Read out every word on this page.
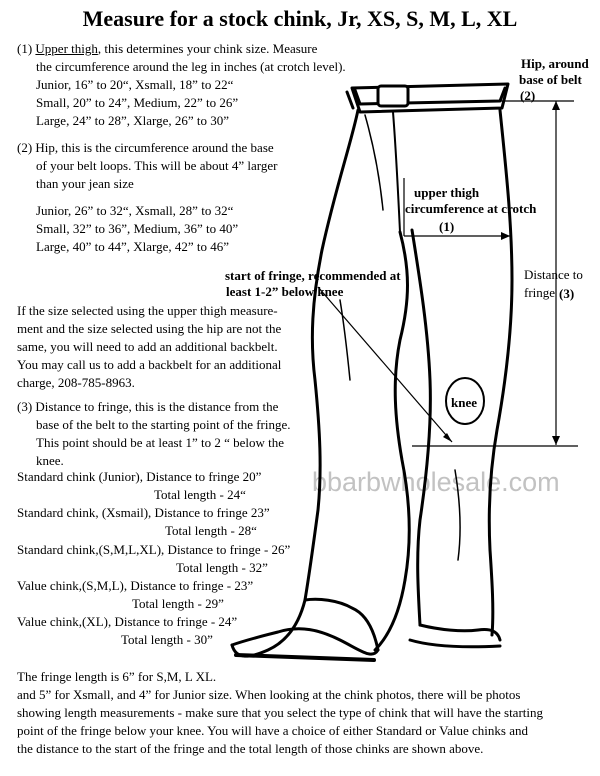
Measure for a stock chink, Jr, XS, S, M, L, XL
(1) Upper thigh, this determines your chink size. Measure
the circumference around the leg in inches (at crotch level).
Junior, 16” to 20“, Xsmall, 18” to 22“
Small, 20” to 24”, Medium, 22” to 26”
Large, 24” to 28”, Xlarge, 26” to 30”
(2) Hip, this is the circumference around the base
of your belt loops. This will be about 4” larger
than your jean size
Junior, 26” to 32“, Xsmall, 28” to 32“
Small, 32” to 36”, Medium, 36” to 40”
Large, 40” to 44”, Xlarge, 42” to 46”
If the size selected using the upper thigh measure-
ment and the size selected using the hip are not the
same, you will need to add an additional backbelt.
You may call us to add a backbelt for an additional
charge, 208-785-8963.
(3) Distance to fringe, this is the distance from the
base of the belt to the starting point of the fringe.
This point should be at least 1” to 2 “ below the
knee.
Standard chink (Junior), Distance to fringe 20”
Total length - 24“
Standard chink, (Xsmail), Distance to fringe 23”
Total length - 28“
Standard chink,(S,M,L,XL), Distance to fringe - 26”
Total length - 32”
Value chink,(S,M,L), Distance to fringe - 23”
Total length - 29”
Value chink,(XL), Distance to fringe - 24”
Total length - 30”
The fringe length is 6” for S,M, L XL.
and 5” for Xsmall, and 4” for Junior size. When looking at the chink photos, there will be photos
showing length measurements - make sure that you select the type of chink that will have the starting
point of the fringe below your knee. You will have a choice of either Standard or Value chinks and
the distance to the start of the fringe and the total length of those chinks are shown above.
bbarbwholesale.com
Hip, around
base of belt
(2)
upper thigh
circumference at crotch
(1)
start of fringe, recommended at
least 1-2” below knee
Distance to
fringe (3)
knee
